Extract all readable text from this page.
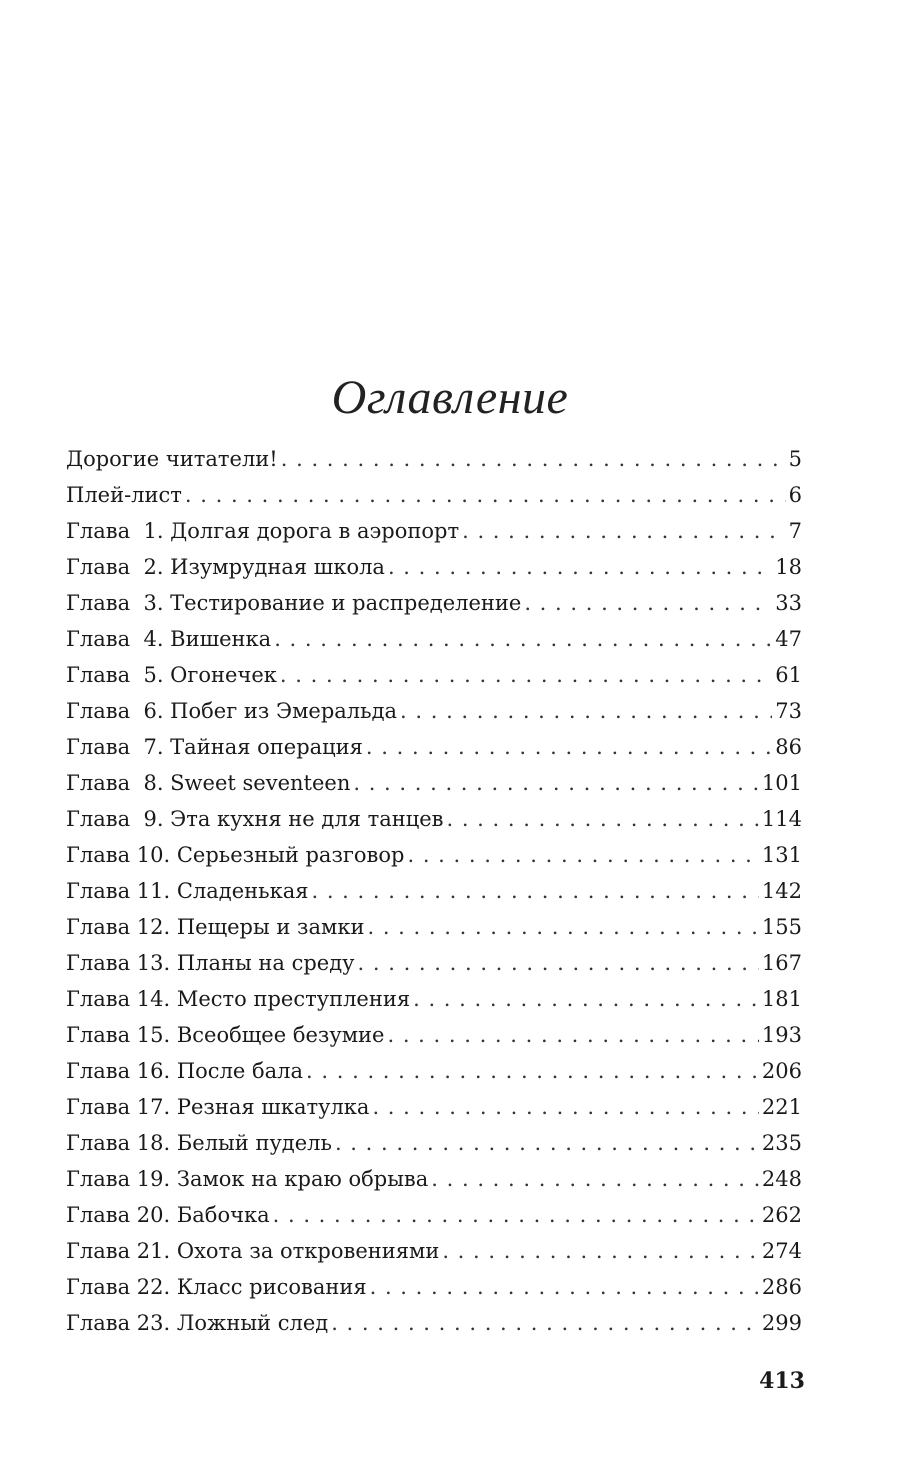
Оглавление
Дорогие читатели! . . .	5
Плей-лист . . .	6
Глава  1. Долгая дорога в аэропорт . . .	7
Глава  2. Изумрудная школа . . .	18
Глава  3. Тестирование и распределение . . .	33
Глава  4. Вишенка . . .	47
Глава  5. Огонечек . . .	61
Глава  6. Побег из Эмеральда . . .	73
Глава  7. Тайная операция . . .	86
Глава  8. Sweet seventeen . . .	101
Глава  9. Эта кухня не для танцев . . .	114
Глава 10. Серьезный разговор . . .	131
Глава 11. Сладенькая . . .	142
Глава 12. Пещеры и замки . . .	155
Глава 13. Планы на среду . . .	167
Глава 14. Место преступления . . .	181
Глава 15. Всеобщее безумие . . .	193
Глава 16. После бала . . .	206
Глава 17. Резная шкатулка . . .	221
Глава 18. Белый пудель . . .	235
Глава 19. Замок на краю обрыва . . .	248
Глава 20. Бабочка . . .	262
Глава 21. Охота за откровениями . . .	274
Глава 22. Класс рисования . . .	286
Глава 23. Ложный след . . .	299
413
